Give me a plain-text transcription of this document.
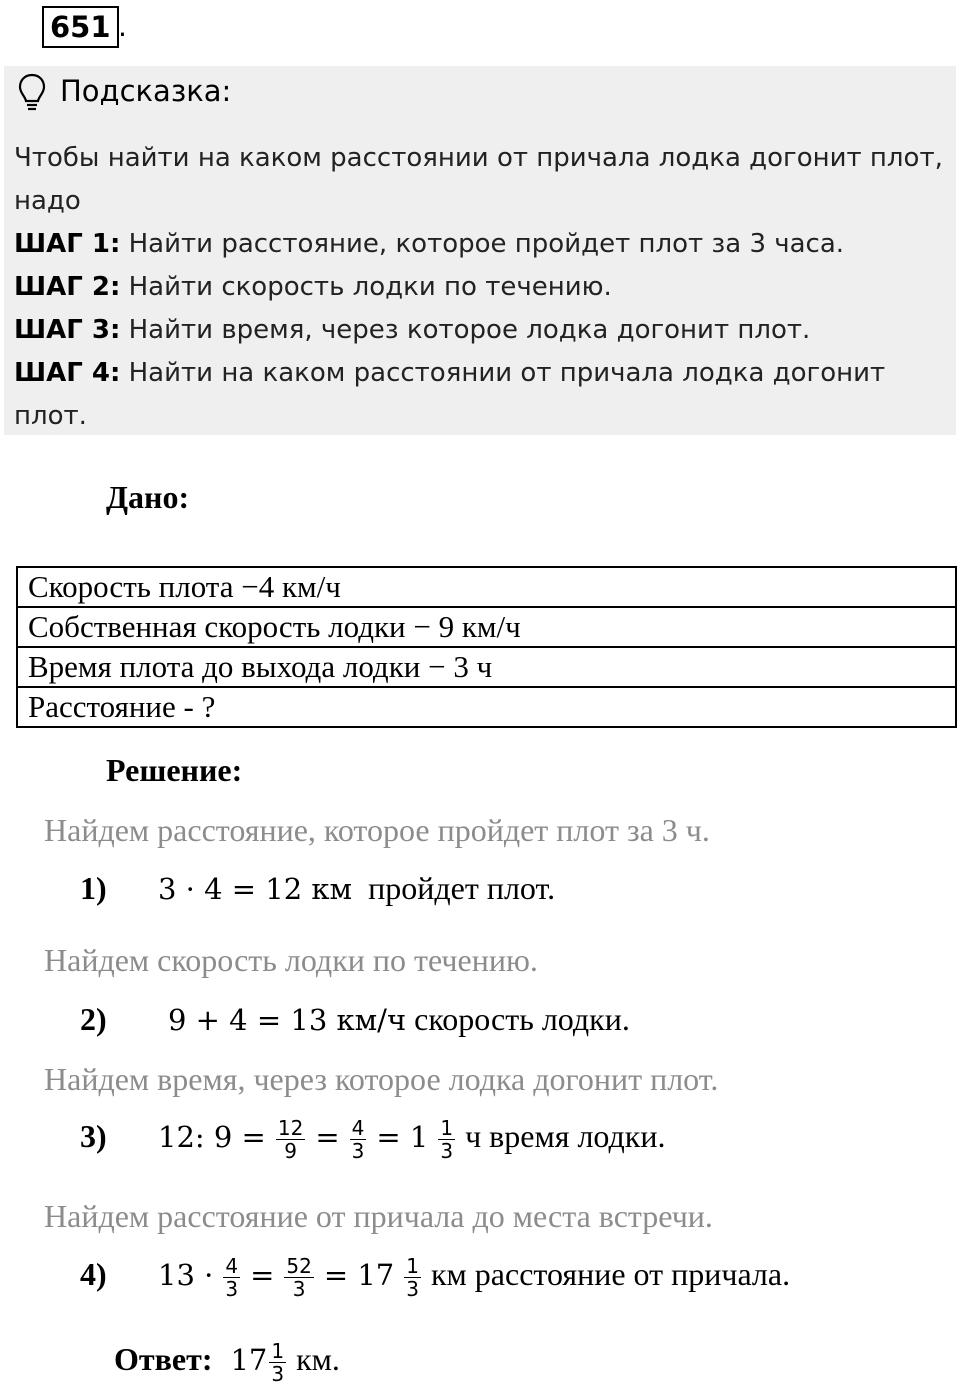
651 .
Подсказка:
Чтобы найти на каком расстоянии от причала лодка догонит плот, надо
ШАГ 1: Найти расстояние, которое пройдет плот за 3 часа.
ШАГ 2: Найти скорость лодки по течению.
ШАГ 3: Найти время, через которое лодка догонит плот.
ШАГ 4: Найти на каком расстоянии от причала лодка догонит плот.
Дано:
Скорость плота −4 км/ч
Собственная скорость лодки − 9 км/ч
Время плота до выхода лодки − 3 ч
Расстояние - ?
Решение:
Найдем расстояние, которое пройдет плот за 3 ч.
1) 3 · 4 = 12 км пройдет плот.
Найдем скорость лодки по течению.
2) 9 + 4 = 13 км/ч скорость лодки.
Найдем время, через которое лодка догонит плот.
3) 12: $9 = \frac{12}{9} = \frac{4}{3} = 1 \frac{1}{3}$ ч время лодки.
Найдем расстояние от причала до места встречи.
4) $13 \cdot \frac{4}{3} = \frac{52}{3} = 17 \frac{1}{3}$ км расстояние от причала.
Ответ: $17 \frac{1}{3}$ км.
